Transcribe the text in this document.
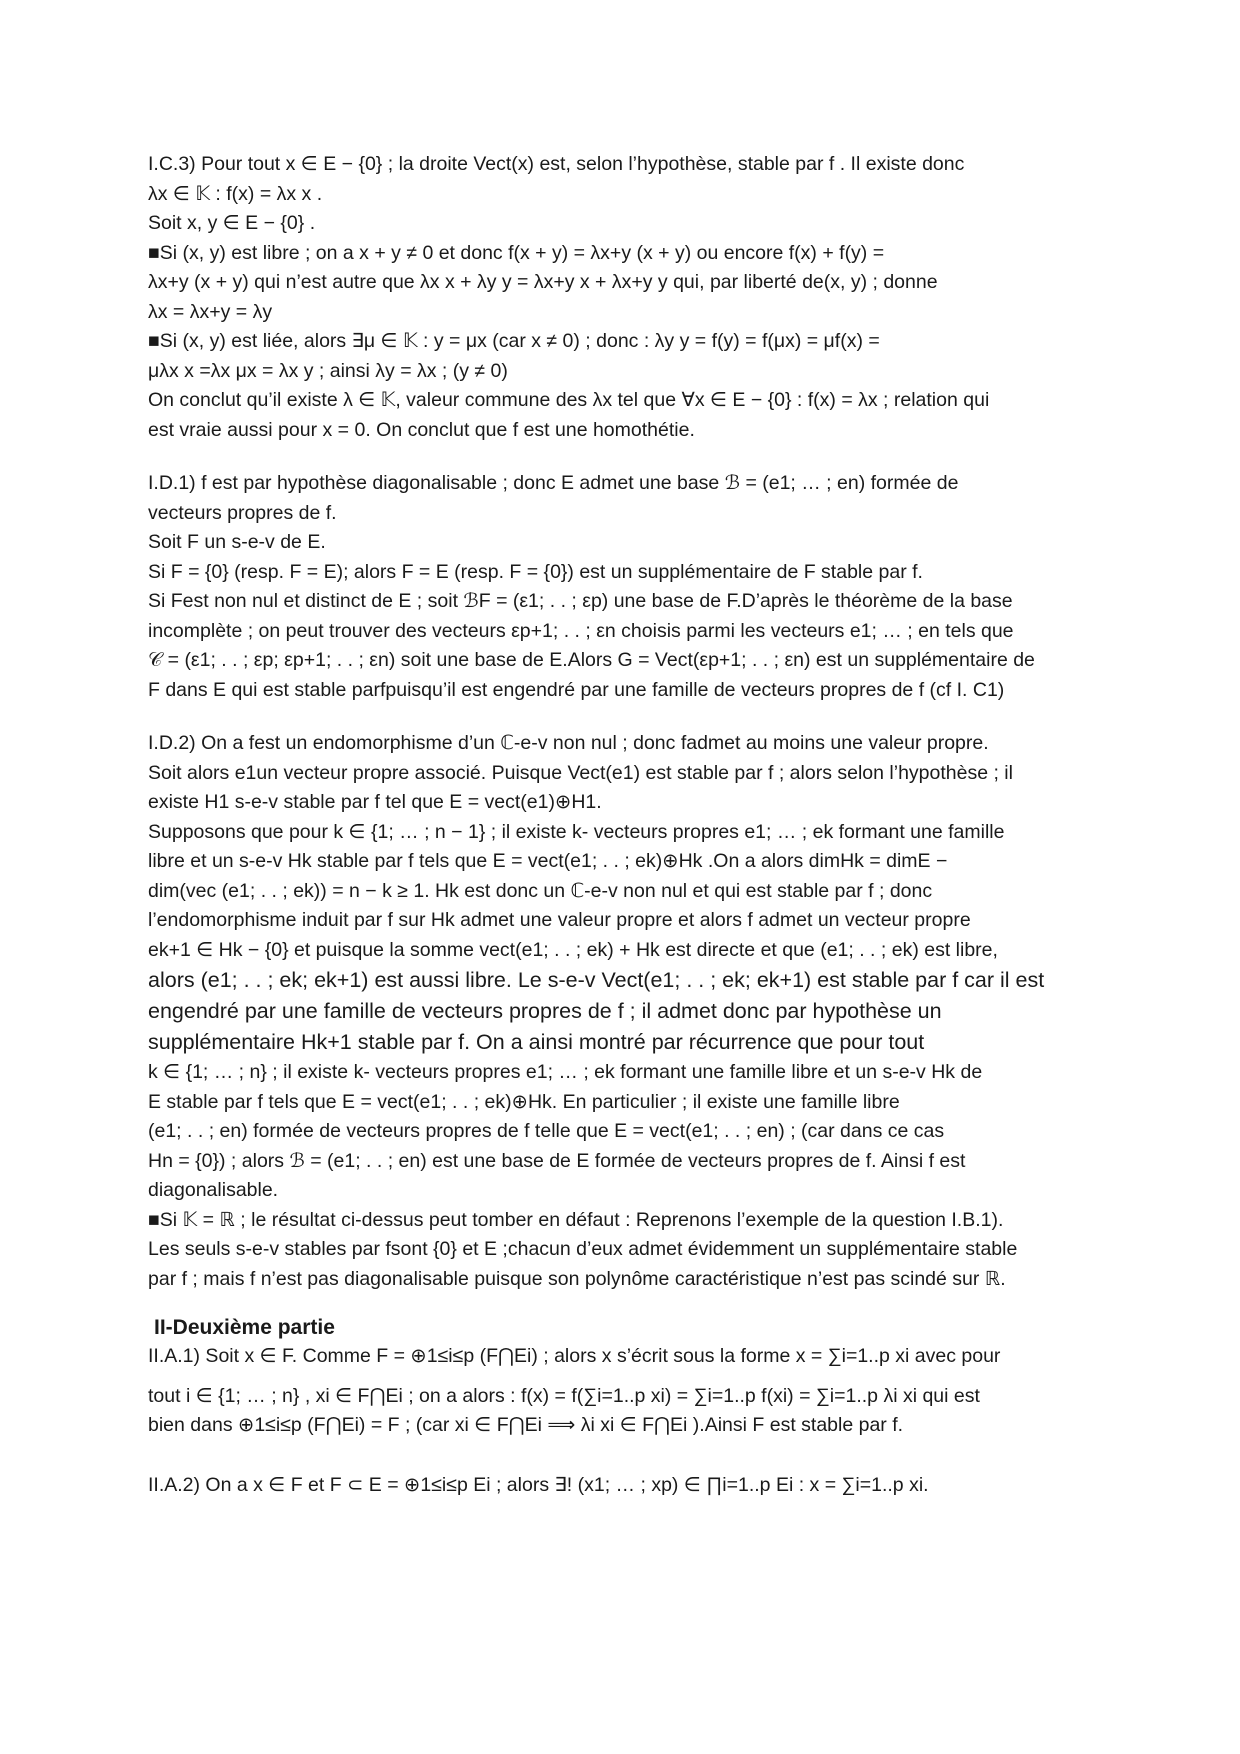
I.C.3) Pour tout x ∈ E − {0} ; la droite Vect(x) est, selon l’hypothèse, stable par f . Il existe donc

λx ∈ 𝕂 : f(x) = λx x .

Soit x, y ∈ E − {0} .

■Si (x, y) est libre ; on a x + y ≠ 0 et donc f(x + y) = λx+y (x + y) ou encore f(x) + f(y) =

λx+y (x + y) qui n’est autre que λx x + λy y = λx+y x + λx+y y qui, par liberté de(x, y) ; donne

λx = λx+y = λy

■Si (x, y) est liée, alors ∃μ ∈ 𝕂 : y = μx (car x ≠ 0) ; donc : λy y = f(y) = f(μx) = μf(x) =

μλx x =λx μx = λx y ; ainsi λy = λx ; (y ≠ 0)

On conclut qu’il existe λ ∈ 𝕂, valeur commune des λx tel que ∀x ∈ E − {0} : f(x) = λx ; relation qui

est vraie aussi pour x = 0. On conclut que f est une homothétie.

I.D.1) f est par hypothèse diagonalisable ; donc E admet une base ℬ = (e1; … ; en) formée de

vecteurs propres de f.

Soit F un s-e-v de E.

Si F = {0} (resp. F = E); alors F = E (resp. F = {0}) est un supplémentaire de F stable par f.

Si Fest non nul et distinct de E ; soit ℬF = (ε1; . . ; εp) une base de F.D’après le théorème de la base

incomplète ; on peut trouver des vecteurs εp+1; . . ; εn choisis parmi les vecteurs e1; … ; en tels que

𝒞 = (ε1; . . ; εp; εp+1; . . ; εn) soit une base de E.Alors G = Vect(εp+1; . . ; εn) est un supplémentaire de

F dans E qui est stable parfpuisqu’il est engendré par une famille de vecteurs propres de f (cf I. C1)

I.D.2) On a fest un endomorphisme d’un ℂ-e-v non nul ; donc fadmet au moins une valeur propre.

Soit alors e1un vecteur propre associé. Puisque Vect(e1) est stable par f ; alors selon l’hypothèse ; il

existe H1 s-e-v stable par f tel que E = vect(e1)⊕H1.

Supposons que pour k ∈ {1; … ; n − 1} ; il existe k- vecteurs propres e1; … ; ek formant une famille

libre et un s-e-v Hk stable par f tels que E = vect(e1; . . ; ek)⊕Hk .On a alors dimHk = dimE −

dim(vec (e1; . . ; ek)) = n − k ≥ 1. Hk est donc un ℂ-e-v non nul et qui est stable par f ; donc

l’endomorphisme induit par f sur Hk admet une valeur propre et alors f admet un vecteur propre

ek+1 ∈ Hk − {0} et puisque la somme vect(e1; . . ; ek) + Hk est directe et que (e1; . . ; ek) est libre,

alors (e1; . . ; ek; ek+1) est aussi libre. Le s-e-v Vect(e1; . . ; ek; ek+1) est stable par f car il est

engendré par une famille de vecteurs propres de f ; il admet donc par hypothèse un

supplémentaire Hk+1 stable par f. On a ainsi montré par récurrence que pour tout

k ∈ {1; … ; n} ; il existe k- vecteurs propres e1; … ; ek formant une famille libre et un s-e-v Hk de

E stable par f tels que E = vect(e1; . . ; ek)⊕Hk. En particulier ; il existe une famille libre

(e1; . . ; en) formée de vecteurs propres de f telle que E = vect(e1; . . ; en) ; (car dans ce cas

Hn = {0}) ; alors ℬ = (e1; . . ; en) est une base de E formée de vecteurs propres de f. Ainsi f est

diagonalisable.

■Si 𝕂 = ℝ ; le résultat ci-dessus peut tomber en défaut : Reprenons l’exemple de la question I.B.1).

Les seuls s-e-v stables par fsont {0} et E ;chacun d’eux admet évidemment un supplémentaire stable

par f ; mais f n’est pas diagonalisable puisque son polynôme caractéristique n’est pas scindé sur ℝ.

II-Deuxième partie

II.A.1) Soit x ∈ F. Comme F = ⊕1≤i≤p (F⋂Ei) ; alors x s’écrit sous la forme x = ∑i=1..p xi avec pour

tout i ∈ {1; … ; n} , xi ∈ F⋂Ei ; on a alors : f(x) = f(∑i=1..p xi) = ∑i=1..p f(xi) = ∑i=1..p λi xi qui est

bien dans ⊕1≤i≤p (F⋂Ei) = F ; (car xi ∈ F⋂Ei ⟹ λi xi ∈ F⋂Ei ).Ainsi F est stable par f.

II.A.2) On a x ∈ F et F ⊂ E = ⊕1≤i≤p Ei ; alors ∃! (x1; … ; xp) ∈ ∏i=1..p Ei : x = ∑i=1..p xi.
